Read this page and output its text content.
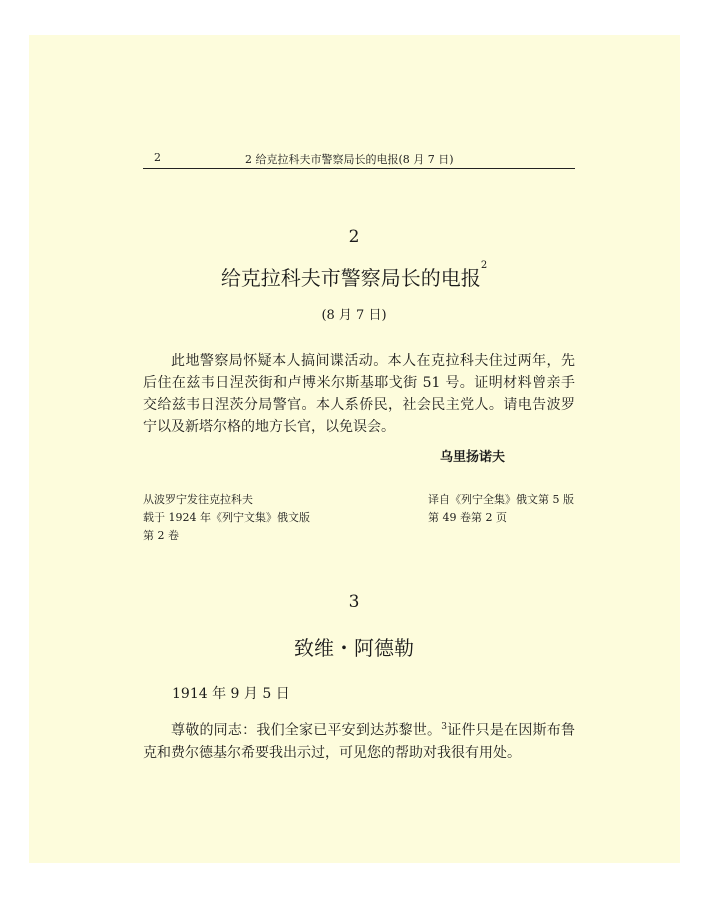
2	2 给克拉科夫市警察局长的电报(8 月 7 日)
2
给克拉科夫市警察局长的电报$^2$
(8 月 7 日)
此地警察局怀疑本人搞间谍活动。本人在克拉科夫住过两年，先后住在兹韦日涅茨街和卢博米尔斯基耶戈街 51 号。证明材料曾亲手交给兹韦日涅茨分局警官。本人系侨民，社会民主党人。请电告波罗宁以及新塔尔格的地方长官，以免误会。
乌里扬诺夫
从波罗宁发往克拉科夫
载于 1924 年《列宁文集》俄文版
第 2 卷
译自《列宁全集》俄文第 5 版
第 49 卷第 2 页
3
致维・阿德勒
1914 年 9 月 5 日
尊敬的同志：我们全家已平安到达苏黎世。$^3$证件只是在因斯布鲁克和费尔德基尔希要我出示过，可见您的帮助对我很有用处。
